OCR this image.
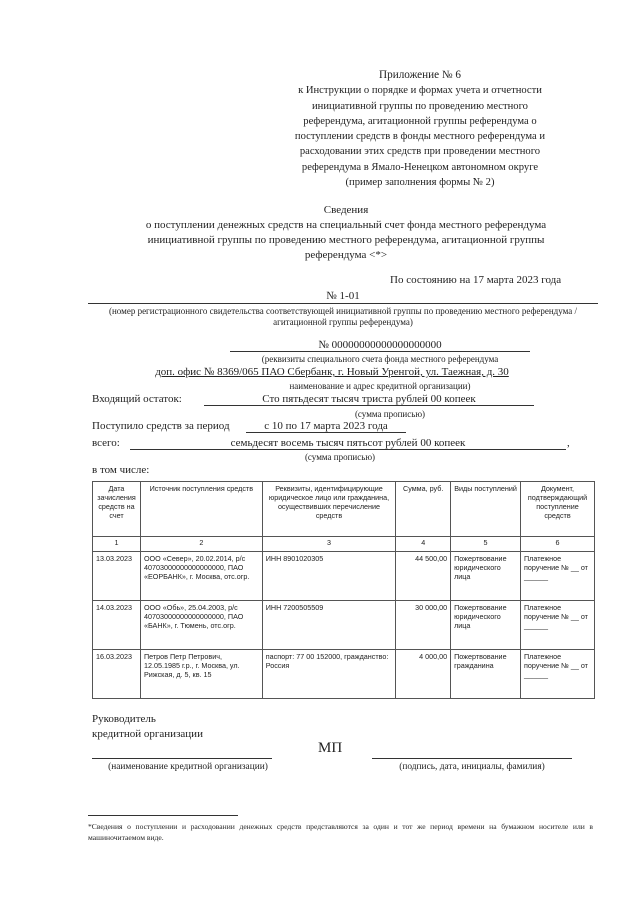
Приложение № 6
к Инструкции о порядке и формах учета и отчетности
инициативной группы по проведению местного
референдума, агитационной группы референдума о
поступлении средств в фонды местного референдума и
расходовании этих средств при проведении местного
референдума в Ямало-Ненецком автономном округе
(пример заполнения формы № 2)
Сведения
о поступлении денежных средств на специальный счет фонда местного референдума
инициативной группы по проведению местного референдума, агитационной группы
референдума <*>
По состоянию на 17 марта 2023 года
№ 1-01
(номер регистрационного свидетельства соответствующей инициативной группы по проведению местного референдума / агитационной группы референдума)
№ 00000000000000000000
(реквизиты специального счета фонда местного референдума
доп. офис № 8369/065 ПАО Сбербанк, г. Новый Уренгой, ул. Таежная, д. 30
наименование и адрес кредитной организации)
Входящий остаток:	Сто пятьдесят тысяч триста рублей 00 копеек
(сумма прописью)
Поступило средств за период	с 10 по 17 марта 2023 года
всего:	семьдесят восемь тысяч пятьсот рублей 00 копеек	,
(сумма прописью)
в том числе:
Дата зачисления средств на счет	Источник поступления средств	Реквизиты, идентифицирующие юридическое лицо или гражданина, осуществивших перечисление средств	Сумма, руб.	Виды поступлений	Документ, подтверждающий поступление средств
1	2	3	4	5	6
13.03.2023	ООО «Север», 20.02.2014, р/с 40703000000000000000, ПАО «ЕОРБАНК», г. Москва, отс.огр.	ИНН 8901020305	44 500,00	Пожертвование юридического лица	Платежное поручение № __ от ______
14.03.2023	ООО «Обь», 25.04.2003, р/с 40703000000000000000, ПАО «БАНК», г. Тюмень, отс.огр.	ИНН 7200505509	30 000,00	Пожертвование юридического лица	Платежное поручение № __ от ______
16.03.2023	Петров Петр Петрович, 12.05.1985 г.р., г. Москва, ул. Рижская, д. 5, кв. 15	паспорт: 77 00 152000, гражданство: Россия	4 000,00	Пожертвование гражданина	Платежное поручение № __ от ______
Руководитель
кредитной организации
МП
(наименование кредитной организации)	(подпись, дата, инициалы, фамилия)
*Сведения о поступлении и расходовании денежных средств представляются за один и тот же период времени на бумажном носителе или в машиночитаемом виде.
